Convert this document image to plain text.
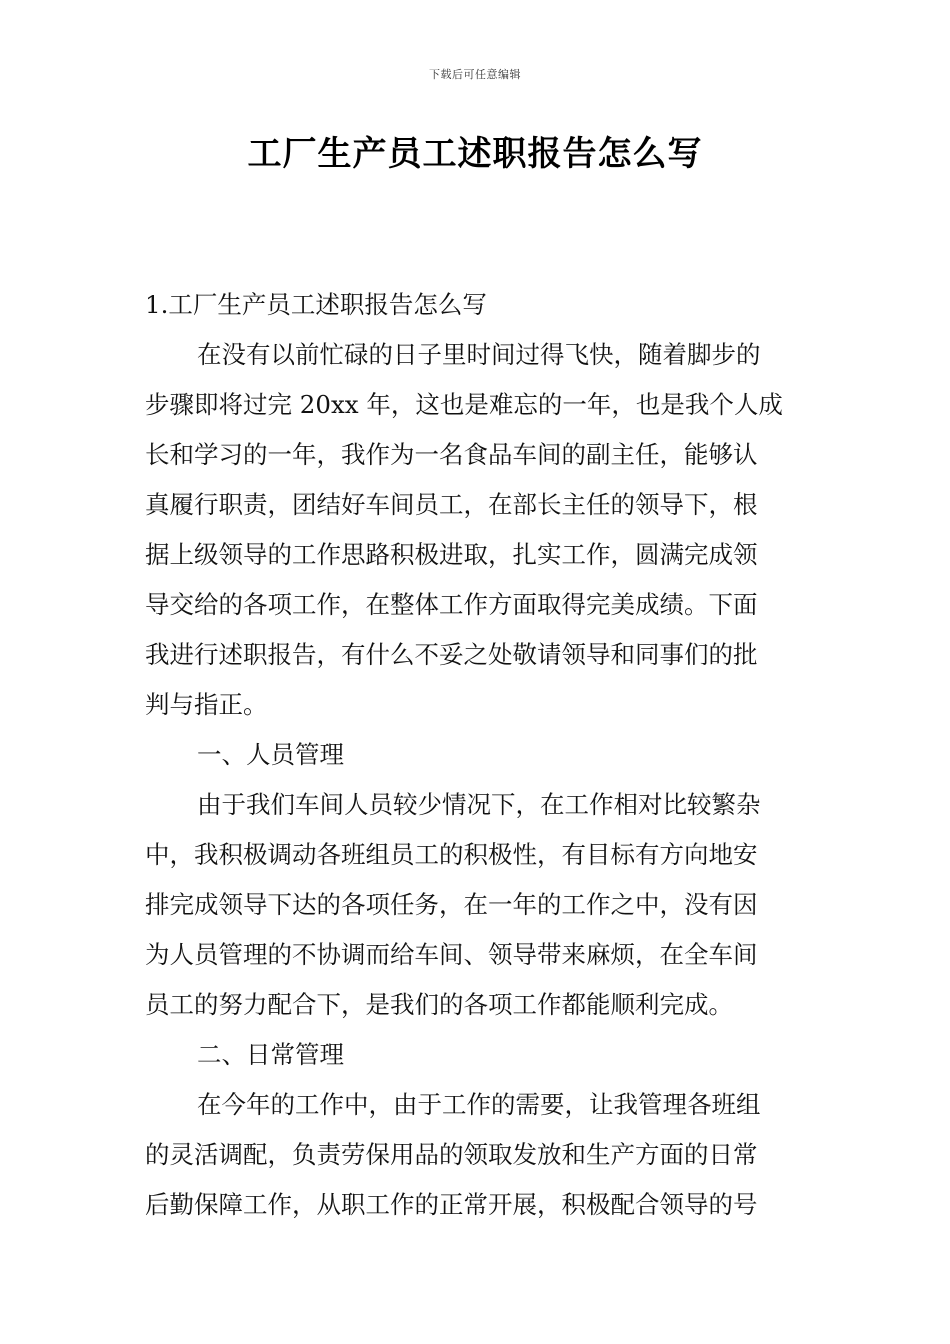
下载后可任意编辑
工厂生产员工述职报告怎么写
1.工厂生产员工述职报告怎么写
在没有以前忙碌的日子里时间过得飞快，随着脚步的
步骤即将过完 20xx 年，这也是难忘的一年，也是我个人成
长和学习的一年，我作为一名食品车间的副主任，能够认
真履行职责，团结好车间员工，在部长主任的领导下，根
据上级领导的工作思路积极进取，扎实工作，圆满完成领
导交给的各项工作，在整体工作方面取得完美成绩。下面
我进行述职报告，有什么不妥之处敬请领导和同事们的批
判与指正。
一、人员管理
由于我们车间人员较少情况下，在工作相对比较繁杂
中，我积极调动各班组员工的积极性，有目标有方向地安
排完成领导下达的各项任务，在一年的工作之中，没有因
为人员管理的不协调而给车间、领导带来麻烦，在全车间
员工的努力配合下，是我们的各项工作都能顺利完成。
二、日常管理
在今年的工作中，由于工作的需要，让我管理各班组
的灵活调配，负责劳保用品的领取发放和生产方面的日常
后勤保障工作，从职工作的正常开展，积极配合领导的号
